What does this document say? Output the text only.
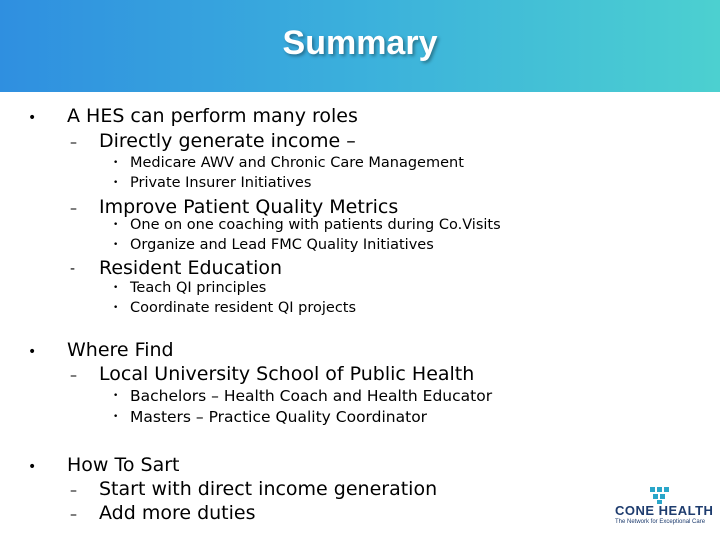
Summary
• A HES can perform many roles
– Directly generate income –
• Medicare AWV and Chronic Care Management
• Private Insurer Initiatives
– Improve Patient Quality Metrics
• One on one coaching with patients during Co.Visits
• Organize and Lead FMC Quality Initiatives
- Resident Education
• Teach QI principles
• Coordinate resident QI projects
• Where Find
– Local University School of Public Health
• Bachelors – Health Coach and Health Educator
• Masters – Practice Quality Coordinator
• How To Sart
– Start with direct income generation
– Add more duties	CONE HEALTH
The Network for Exceptional Care
